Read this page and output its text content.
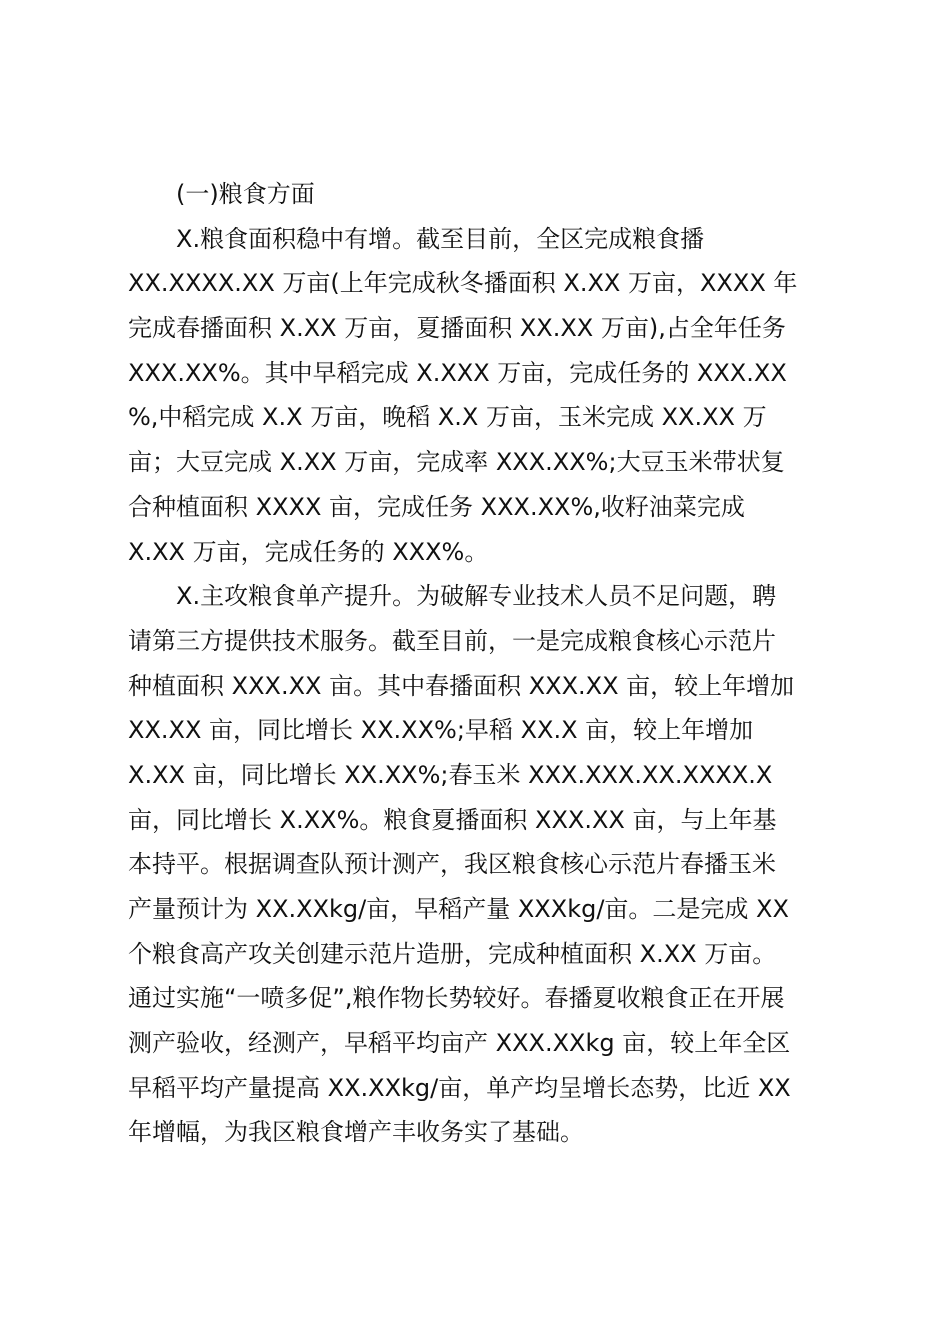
(一)粮食方面
X.粮食面积稳中有增。截至目前，全区完成粮食播
XX.XXXX.XX 万亩(上年完成秋冬播面积 X.XX 万亩，XXXX 年
完成春播面积 X.XX 万亩，夏播面积 XX.XX 万亩),占全年任务
XXX.XX%。其中早稻完成 X.XXX 万亩，完成任务的 XXX.XX
%,中稻完成 X.X 万亩，晚稻 X.X 万亩，玉米完成 XX.XX 万
亩；大豆完成 X.XX 万亩，完成率 XXX.XX%;大豆玉米带状复
合种植面积 XXXX 亩，完成任务 XXX.XX%,收籽油菜完成
X.XX 万亩，完成任务的 XXX%。
X.主攻粮食单产提升。为破解专业技术人员不足问题，聘
请第三方提供技术服务。截至目前，一是完成粮食核心示范片
种植面积 XXX.XX 亩。其中春播面积 XXX.XX 亩，较上年增加
XX.XX 亩，同比增长 XX.XX%;早稻 XX.X 亩，较上年增加
X.XX 亩，同比增长 XX.XX%;春玉米 XXX.XXX.XX.XXXX.X
亩，同比增长 X.XX%。粮食夏播面积 XXX.XX 亩，与上年基
本持平。根据调查队预计测产，我区粮食核心示范片春播玉米
产量预计为 XX.XXkg/亩，早稻产量 XXXkg/亩。二是完成 XX
个粮食高产攻关创建示范片造册，完成种植面积 X.XX 万亩。
通过实施“一喷多促”,粮作物长势较好。春播夏收粮食正在开展
测产验收，经测产，早稻平均亩产 XXX.XXkg 亩，较上年全区
早稻平均产量提高 XX.XXkg/亩，单产均呈增长态势，比近 XX
年增幅，为我区粮食增产丰收务实了基础。
